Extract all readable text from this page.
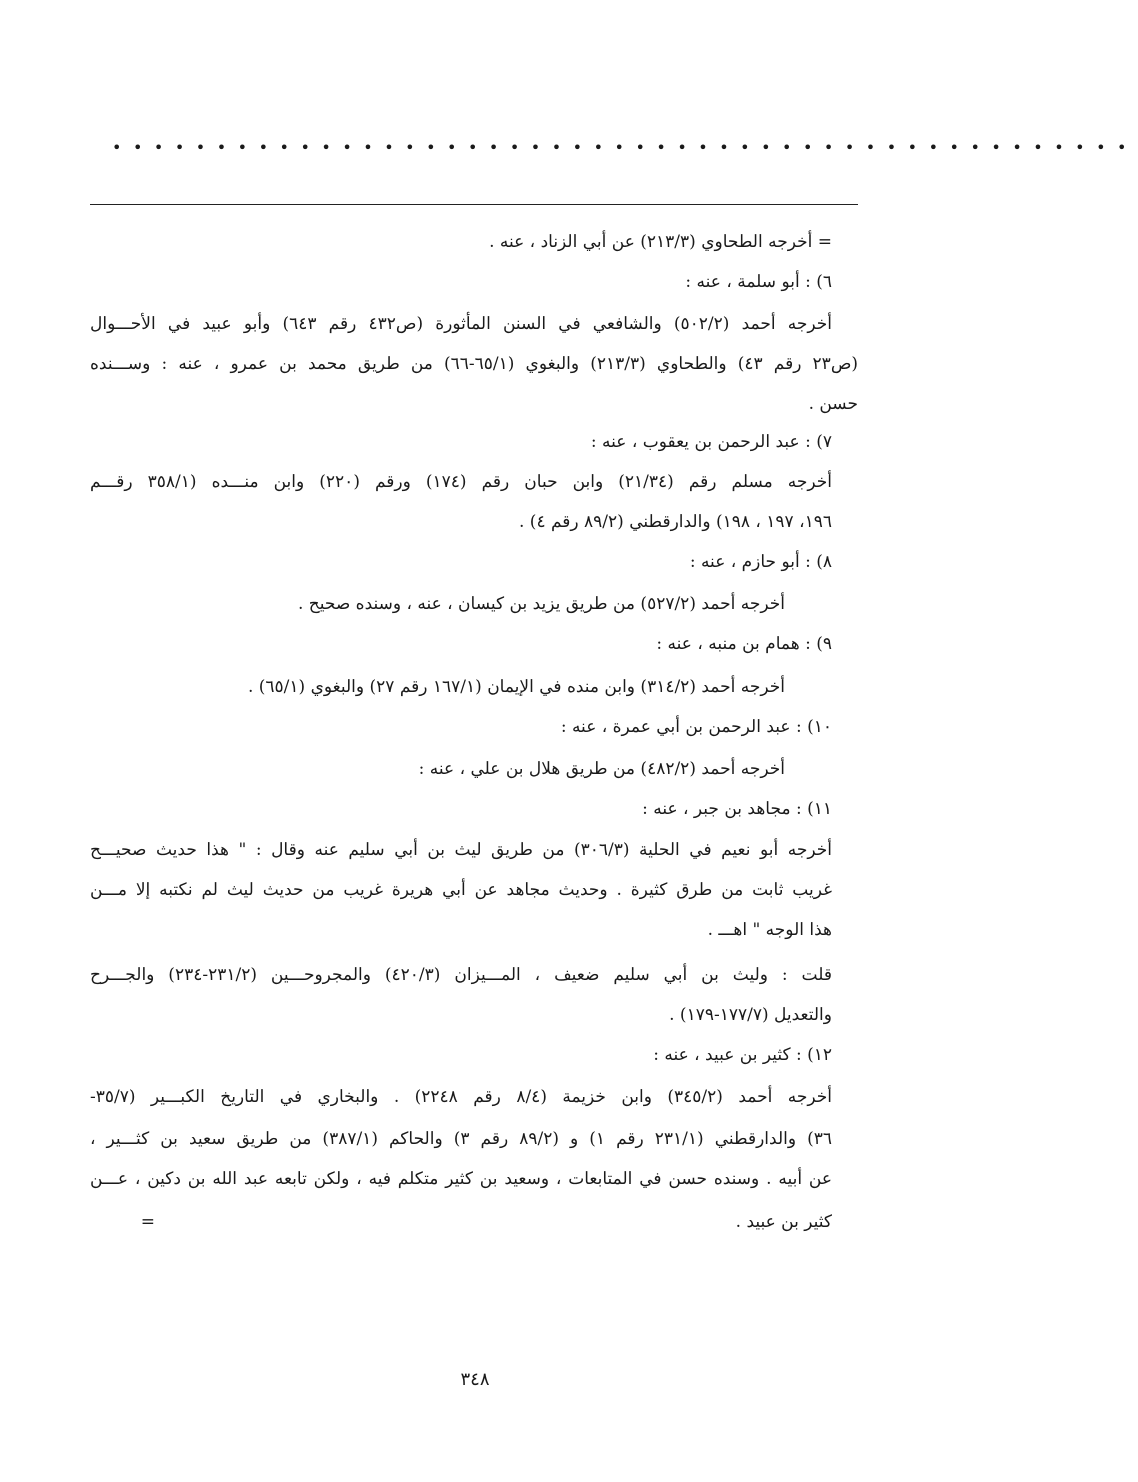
•••••••••••••••••••••••••••••••••••••••••••••••••
= أخرجه الطحاوي (٢١٣/٣) عن أبي الزناد ، عنه .
٦) : أبو سلمة ، عنه :
أخرجه أحمد (٥٠٢/٢) والشافعي في السنن المأثورة (ص٤٣٢ رقم ٦٤٣) وأبو عبيد في الأحـــوال
(ص٢٣ رقم ٤٣) والطحاوي (٢١٣/٣) والبغوي (٦٥/١-٦٦) من طريق محمد بن عمرو ، عنه : وســـنده
حسن .
٧) : عبد الرحمن بن يعقوب ، عنه :
أخرجه مسلم رقم (٢١/٣٤) وابن حبان رقم (١٧٤) ورقم (٢٢٠) وابن منـــده (٣٥٨/١ رقـــم
١٩٦، ١٩٧ ، ١٩٨) والدارقطني (٨٩/٢ رقم ٤) .
٨) : أبو حازم ، عنه :
أخرجه أحمد (٥٢٧/٢) من طريق يزيد بن كيسان ، عنه ، وسنده صحيح .
٩) : همام بن منبه ، عنه :
أخرجه أحمد (٣١٤/٢) وابن منده في الإيمان (١٦٧/١ رقم ٢٧) والبغوي (٦٥/١) .
١٠) : عبد الرحمن بن أبي عمرة ، عنه :
أخرجه أحمد (٤٨٢/٢) من طريق هلال بن علي ، عنه :
١١) : مجاهد بن جبر ، عنه :
أخرجه أبو نعيم في الحلية (٣٠٦/٣) من طريق ليث بن أبي سليم عنه وقال : " هذا حديث صحيـــح
غريب ثابت من طرق كثيرة . وحديث مجاهد عن أبي هريرة غريب من حديث ليث لم نكتبه إلا مـــن
هذا الوجه " اهـــ .
قلت : وليث بن أبي سليم ضعيف ، المـــيزان (٤٢٠/٣) والمجروحـــين (٢٣١/٢-٢٣٤) والجـــرح
والتعديل (١٧٧/٧-١٧٩) .
١٢) : كثير بن عبيد ، عنه :
أخرجه أحمد (٣٤٥/٢) وابن خزيمة (٨/٤ رقم ٢٢٤٨) . والبخاري في التاريخ الكبـــير (٣٥/٧-
٣٦) والدارقطني (٢٣١/١ رقم ١) و (٨٩/٢ رقم ٣) والحاكم (٣٨٧/١) من طريق سعيد بن كثـــير ،
عن أبيه . وسنده حسن في المتابعات ، وسعيد بن كثير متكلم فيه ، ولكن تابعه عبد الله بن دكين ، عـــن
كثير بن عبيد .
=
٣٤٨
